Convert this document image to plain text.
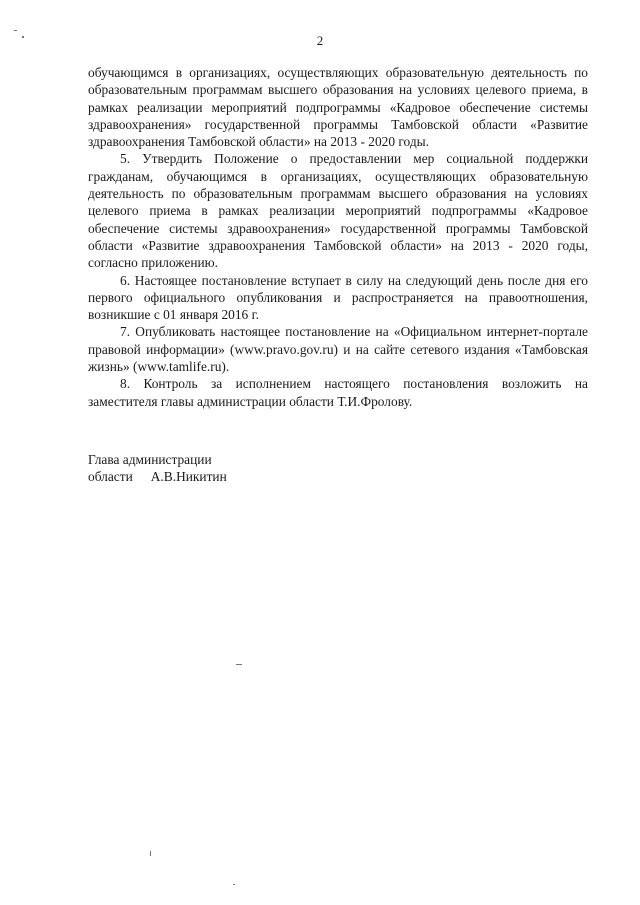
2

обучающимся в организациях, осуществляющих образовательную деятельность по образовательным программам высшего образования на условиях целевого приема, в рамках реализации мероприятий подпрограммы «Кадровое обеспечение системы здравоохранения» государственной программы Тамбовской области «Развитие здравоохранения Тамбовской области» на 2013 - 2020 годы.

5. Утвердить Положение о предоставлении мер социальной поддержки гражданам, обучающимся в организациях, осуществляющих образовательную деятельность по образовательным программам высшего образования на условиях целевого приема в рамках реализации мероприятий подпрограммы «Кадровое обеспечение системы здравоохранения» государственной программы Тамбовской области «Развитие здравоохранения Тамбовской области» на 2013 - 2020 годы, согласно приложению.

6. Настоящее постановление вступает в силу на следующий день после дня его первого официального опубликования и распространяется на правоотношения, возникшие с 01 января 2016 г.

7. Опубликовать настоящее постановление на «Официальном интернет-портале правовой информации» (www.pravo.gov.ru) и на сайте сетевого издания «Тамбовская жизнь» (www.tamlife.ru).

8. Контроль за исполнением настоящего постановления возложить на заместителя главы администрации области Т.И.Фролову.

Глава администрации
области А.В.Никитин
